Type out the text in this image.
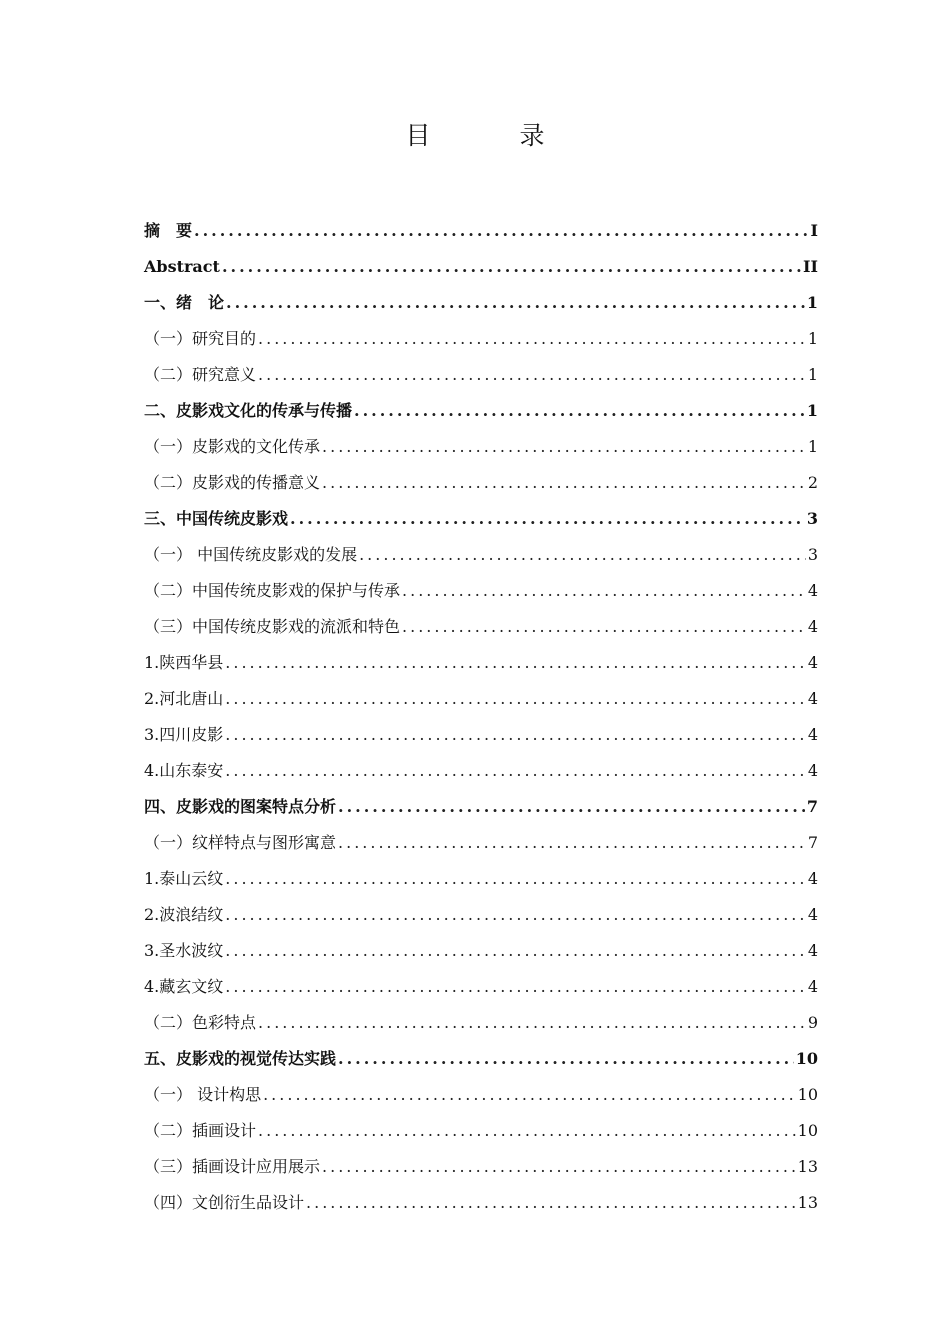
目　录
摘　要 .....	I
Abstract .....	II
一、绪　论 .....	1
（一）研究目的 .....	1
（二）研究意义 .....	1
二、皮影戏文化的传承与传播 .....	1
（一）皮影戏的文化传承 .....	1
（二）皮影戏的传播意义 .....	2
三、中国传统皮影戏 .....	3
（一） 中国传统皮影戏的发展 .....	3
（二）中国传统皮影戏的保护与传承 .....	4
（三）中国传统皮影戏的流派和特色 .....	4
1.陕西华县 .....	4
2.河北唐山 .....	4
3.四川皮影 .....	4
4.山东泰安 .....	4
四、皮影戏的图案特点分析 .....	7
（一）纹样特点与图形寓意 .....	7
1.泰山云纹 .....	4
2.波浪结纹 .....	4
3.圣水波纹 .....	4
4.藏玄文纹 .....	4
（二）色彩特点 .....	9
五、皮影戏的视觉传达实践 .....	10
（一） 设计构思 .....	10
（二）插画设计 .....	10
（三）插画设计应用展示 .....	13
（四）文创衍生品设计 .....	13
